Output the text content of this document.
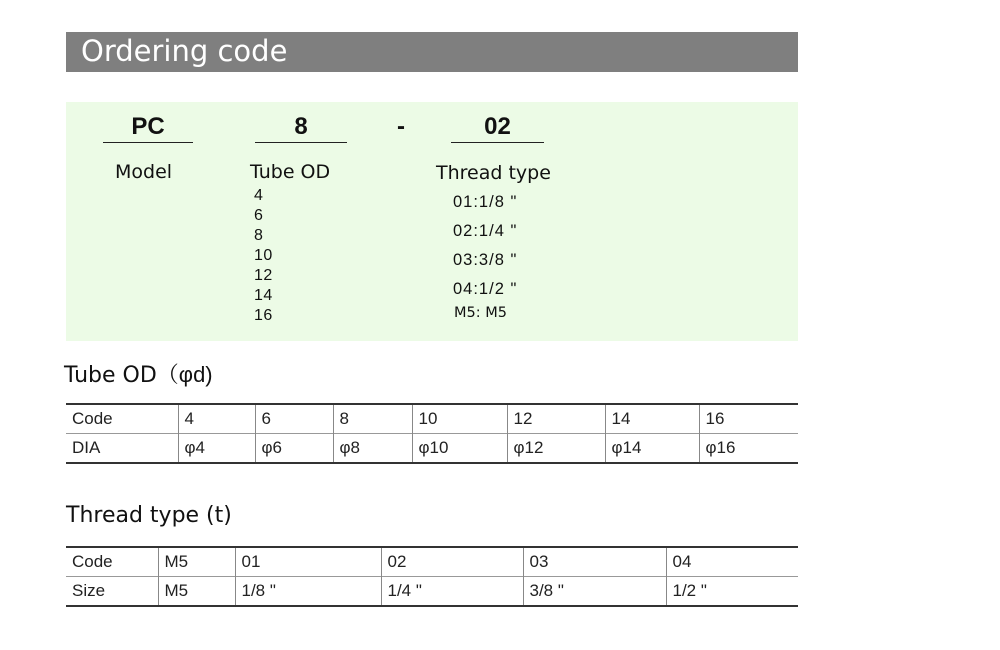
Ordering code
PC	8	-	02
Model	Tube OD	Thread type
4
6
8
10
12
14
16
01:1/8 "
02:1/4 "
03:3/8 "
04:1/2 "
M5: M5
Tube OD（φd)
Code	4	6	8	10	12	14	16
DIA	φ4	φ6	φ8	φ10	φ12	φ14	φ16
Thread type (t)
Code	M5	01	02	03	04
Size	M5	1/8 "	1/4 "	3/8 "	1/2 "
